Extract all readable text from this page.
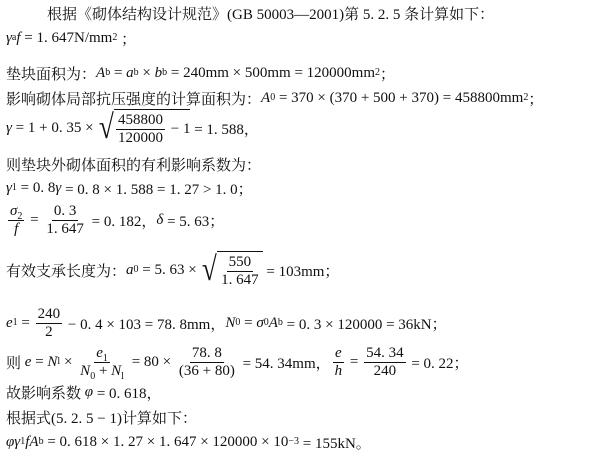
根据《砌体结构设计规范》(GB 50003—2001)第 5. 2. 5 条计算如下：
γ a f = 1. 647N/mm 2 ；
垫块面积为： A b = a b × b b = 240mm × 500mm = 120000mm 2 ；
影响砌体局部抗压强度的计算面积为： A 0 = 370 × (370 + 500 + 370) = 458800mm 2 ；
γ = 1 + 0. 35 × √ $\frac{458800}{120000} - 1 = 1$. 588，
则垫块外砌体面积的有利影响系数为：
γ 1 = 0. 8 γ = 0. 8 × 1. 588 = 1. 27 > 1. 0；
$\frac{\sigma_2}{f} = \frac{0. 3}{1. 647} = 0$. 182， δ = 5. 63；
有效支承长度为： a 0 = 5. 63 × √ $\frac{550}{1. 647} = 103mm$；
e $1 = \frac{240}{2} - 0$. 4 × 103 = 78. 8mm， N 0 = σ 0 A b = 0. 3 × 120000 = 36kN；
则 e = N $l \times \frac{e_1}{N_0 + N_l} = 80 \times \frac{78. 8}{(36 + 80)} = 54$. 34mm， $\frac{e}{h} = \frac{54. 34}{240} = 0$. 22；
故影响系数 φ = 0. 618，
根据式(5. 2. 5 − 1)计算如下：
φγ 1 f A b = 0. 618 × 1. 27 × 1. 647 × 120000 × 10 −3 = 155kN。
